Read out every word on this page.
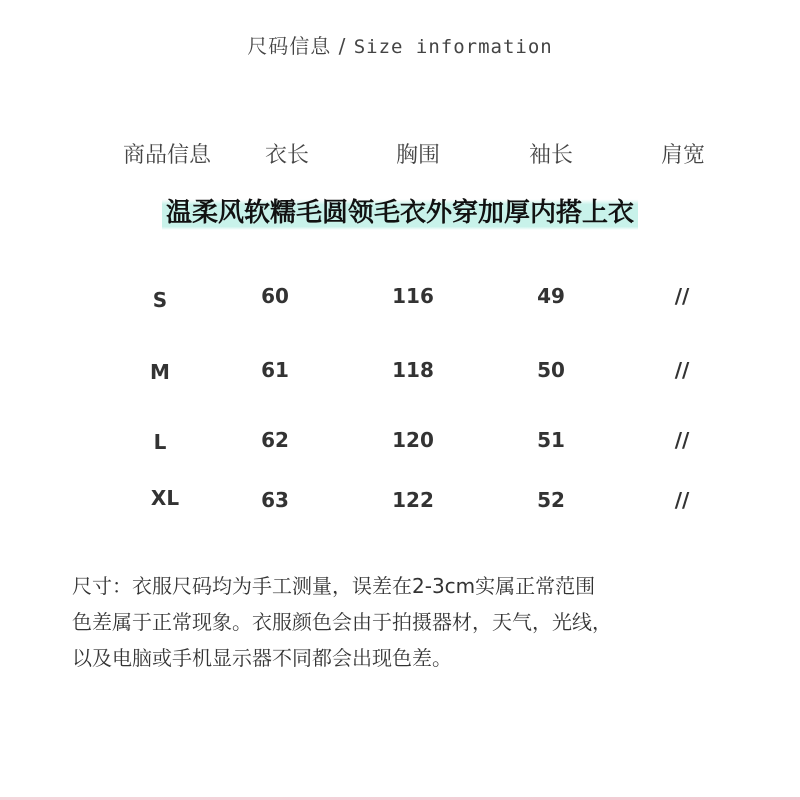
尺码信息 / Size information
商品信息 衣长	胸围	袖长	肩宽
温柔风软糯毛圆领毛衣外穿加厚内搭上衣
S	60	116	49	//
M	61	118	50	//
L	62	120	51	//
XL	63	122	52	//
尺寸：衣服尺码均为手工测量，误差在2-3cm实属正常范围
色差属于正常现象。衣服颜色会由于拍摄器材，天气，光线，
以及电脑或手机显示器不同都会出现色差。
